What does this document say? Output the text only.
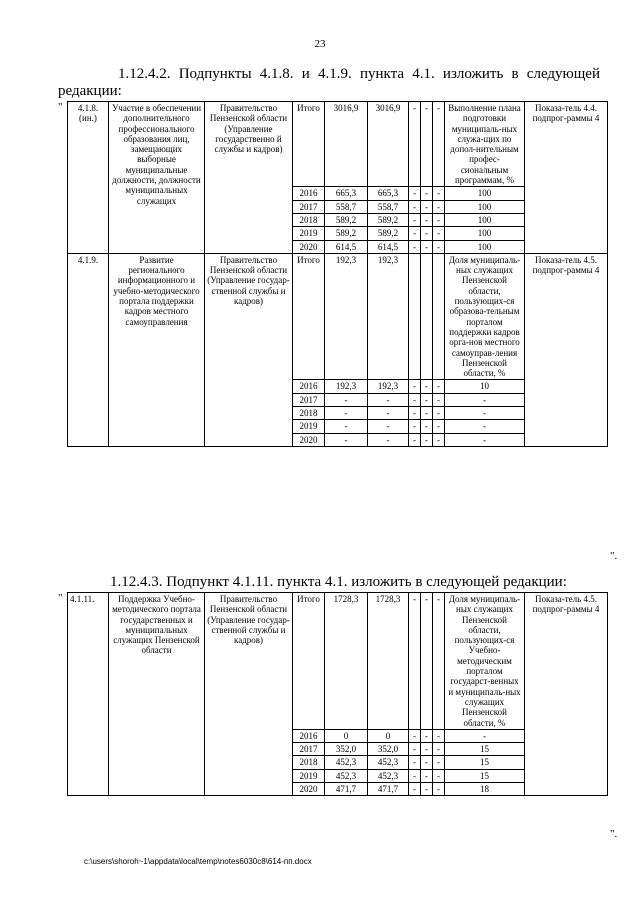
23
1.12.4.2. Подпункты 4.1.8. и 4.1.9. пункта 4.1. изложить в следующей
редакции:
" 4.1.8. (ин.)	Участие в обеспечении дополнительного профессионального образования лиц, замещающих выборные муниципальные должности, должности муниципальных служащих	Правительство Пензенской области (Управление государственно й службы и кадров)	Итого	3016,9	3016,9	-	-	-	Выполнение плана подготовки муниципаль-ных служа-щих по допол-нительным профес-сиональным программам, %	Показа-тель 4.4. подпрог-раммы 4
			2016	665,3	665,3	-	-	-	100	
			2017	558,7	558,7	-	-	-	100	
			2018	589,2	589,2	-	-	-	100	
			2019	589,2	589,2	-	-	-	100	
			2020	614,5	614,5	-	-	-	100	
4.1.9.	Развитие регионального информационного и учебно-методического портала поддержки кадров местного самоуправления	Правительство Пензенской области (Управление государ-ственной службы и кадров)	Итого	192,3	192,3				Доля муниципаль-ных служащих Пензенской области, пользующих-ся образова-тельным порталом поддержки кадров орга-нов местного самоуправ-ления Пензенской области, %	Показа-тель 4.5. подпрог-раммы 4
			2016	192,3	192,3	-	-	-	10	
			2017	-	-	-	-	-	-	
			2018	-	-	-	-	-	-	
			2019	-	-	-	-	-	-	
			2020	-	-	-	-	-	-	
".
1.12.4.3. Подпункт 4.1.11. пункта 4.1. изложить в следующей редакции:
" 4.1.11.	Поддержка Учебно-методического портала государственных и муниципальных служащих Пензенской области	Правительство Пензенской области (Управление государ-ственной службы и кадров)	Итого	1728,3	1728,3	-	-	-	Доля муниципаль-ных служащих Пензенской области, пользующих-ся Учебно-методическим порталом государст-венных и муниципаль-ных служащих Пензенской области, %	Показа-тель 4.5. подпрог-раммы 4
			2016	0	0	-	-	-	-	
			2017	352,0	352,0	-	-	-	15	
			2018	452,3	452,3	-	-	-	15	
			2019	452,3	452,3	-	-	-	15	
			2020	471,7	471,7	-	-	-	18	
".
c:\users\shoroh~1\appdata\local\temp\notes6030c8\614-пп.docx
